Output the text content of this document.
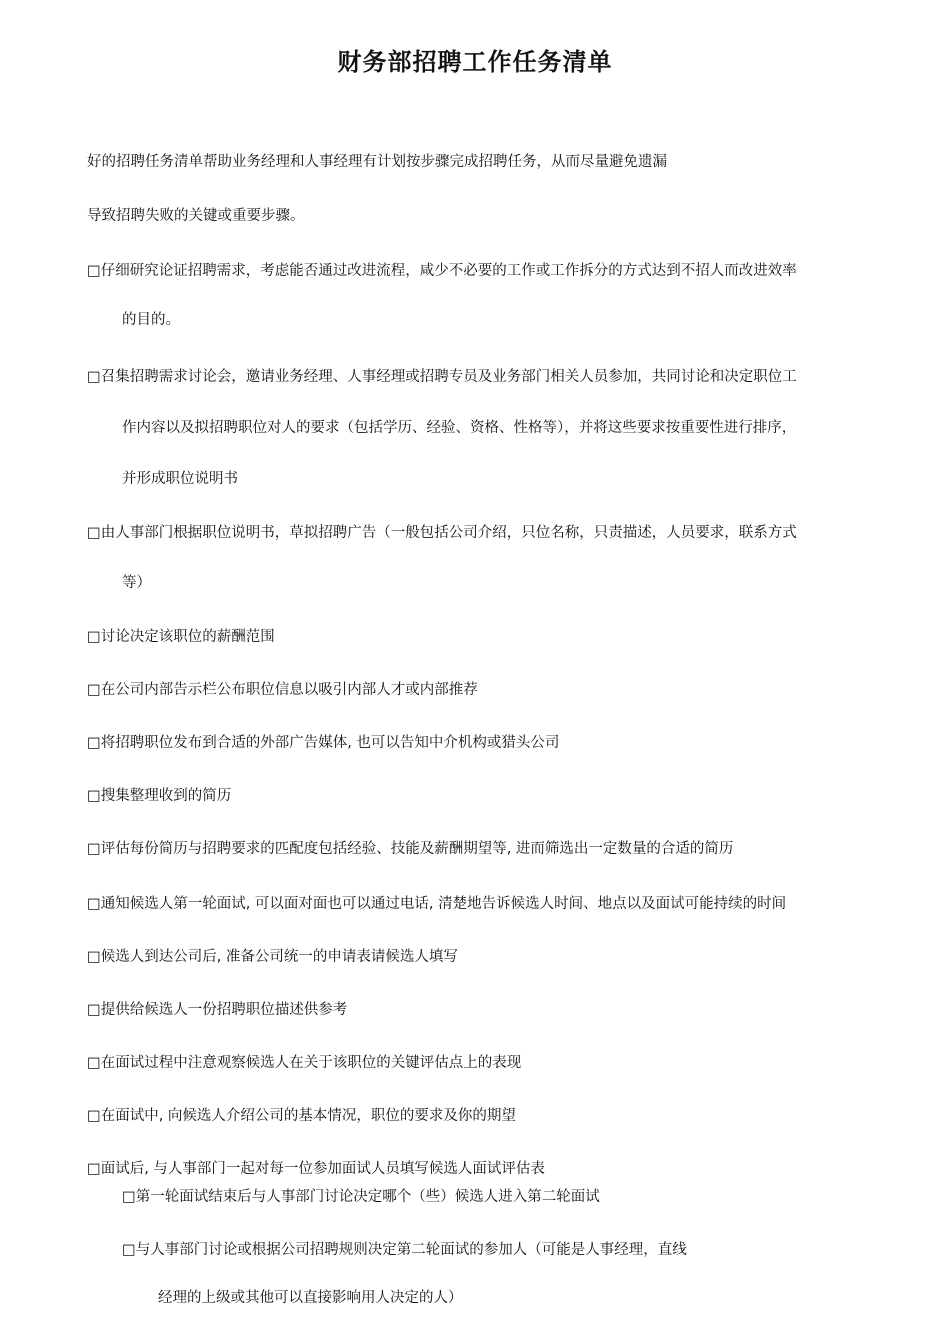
财务部招聘工作任务清单
好的招聘任务清单帮助业务经理和人事经理有计划按步骤完成招聘任务，从而尽量避免遗漏
导致招聘失败的关键或重要步骤。
□仔细研究论证招聘需求，考虑能否通过改进流程，咸少不必要的工作或工作拆分的方式达到不招人而改进效率
的目的。
□召集招聘需求讨论会，邀请业务经理、人事经理或招聘专员及业务部门相关人员参加，共同讨论和决定职位工
作内容以及拟招聘职位对人的要求（包括学历、经验、资格、性格等），并将这些要求按重要性进行排序，
并形成职位说明书
□由人事部门根据职位说明书，草拟招聘广告（一般包括公司介绍，只位名称，只责描述，人员要求，联系方式
等）
□讨论决定该职位的薪酬范围
□在公司内部告示栏公布职位信息以吸引内部人才或内部推荐
□将招聘职位发布到合适的外部广告媒体, 也可以告知中介机构或猎头公司
□搜集整理收到的简历
□评估每份简历与招聘要求的匹配度包括经验、技能及薪酬期望等, 进而筛选出一定数量的合适的简历
□通知候选人第一轮面试, 可以面对面也可以通过电话, 清楚地告诉候选人时间、地点以及面试可能持续的时间
□候选人到达公司后, 准备公司统一的申请表请候选人填写
□提供给候选人一份招聘职位描述供参考
□在面试过程中注意观察候选人在关于该职位的关键评估点上的表现
□在面试中, 向候选人介绍公司的基本情况，职位的要求及你的期望
□面试后, 与人事部门一起对每一位参加面试人员填写候选人面试评估表
□第一轮面试结束后与人事部门讨论决定哪个（些）候选人进入第二轮面试
□与人事部门讨论或根据公司招聘规则决定第二轮面试的参加人（可能是人事经理，直线
经理的上级或其他可以直接影响用人决定的人）
